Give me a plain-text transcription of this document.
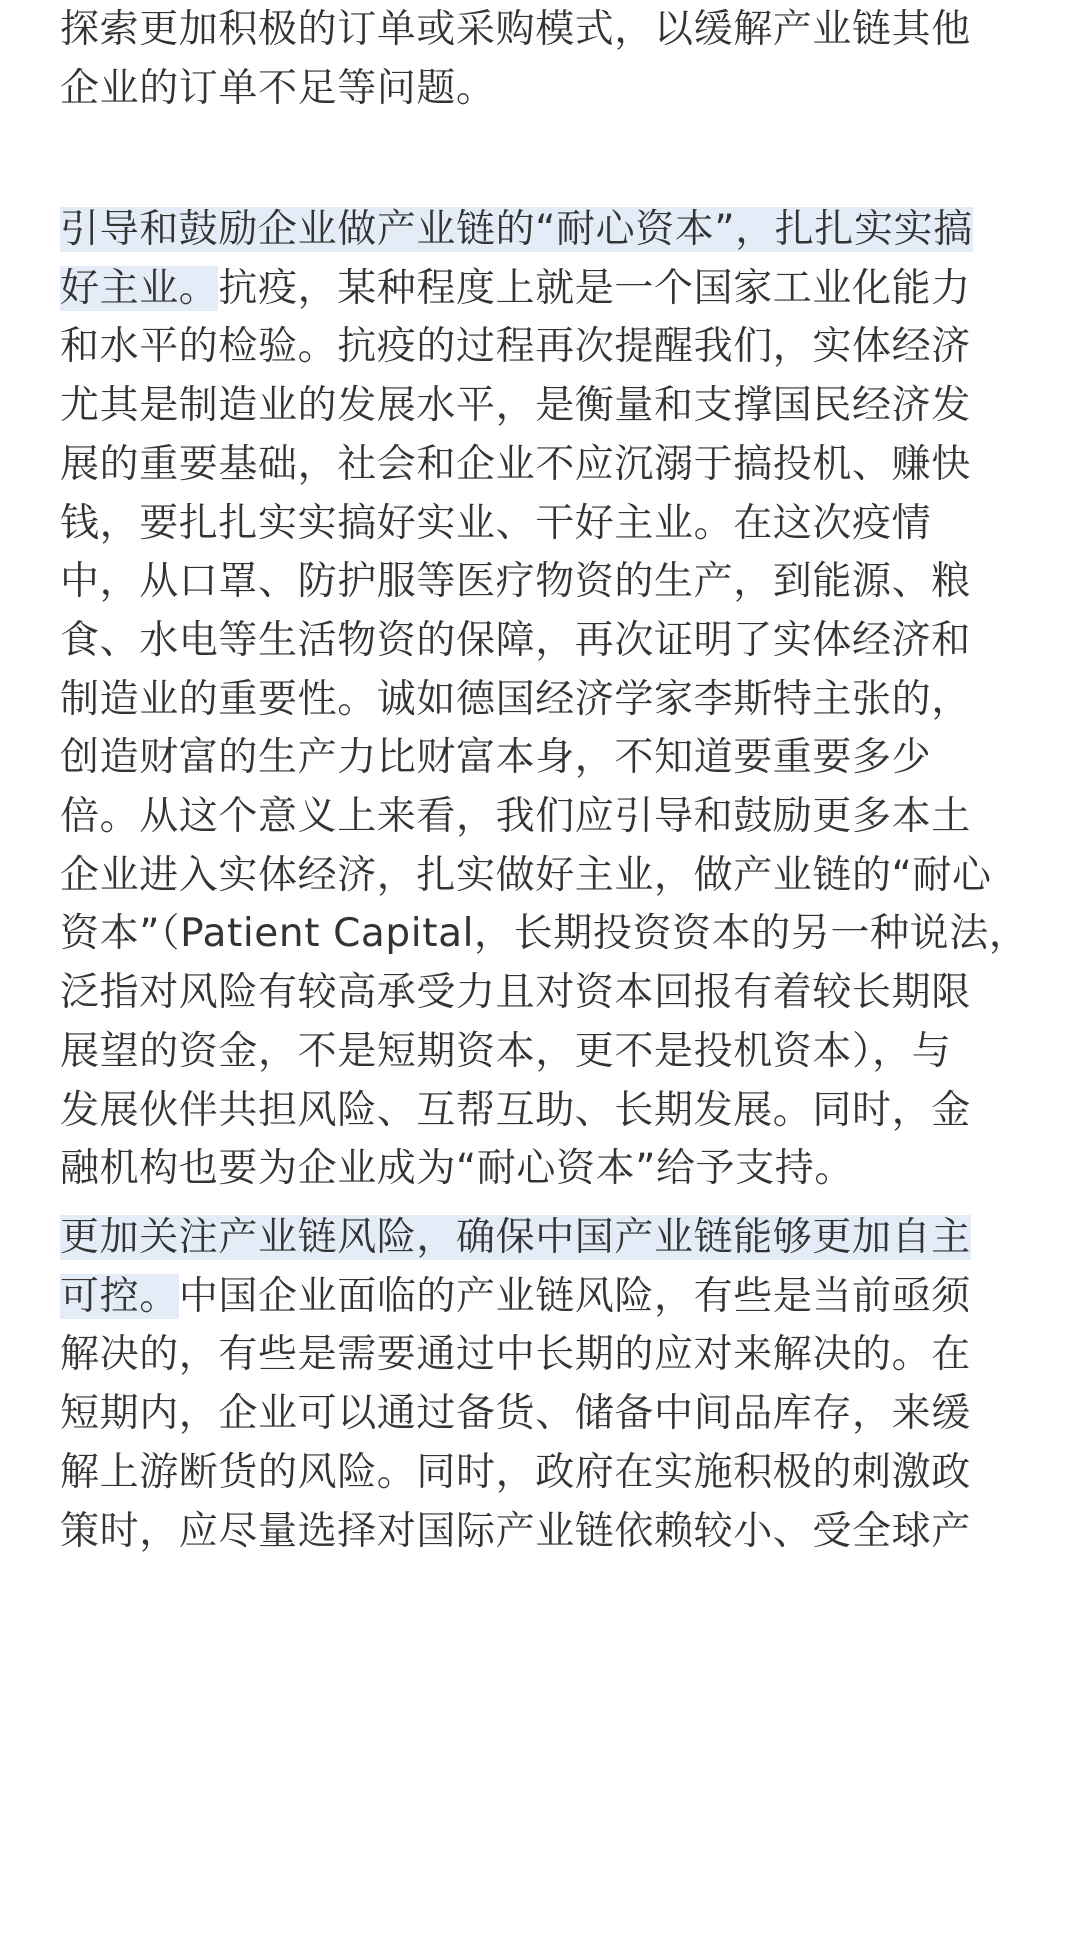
探索更加积极的订单或采购模式，以缓解产业链其他
企业的订单不足等问题。
引导和鼓励企业做产业链的“耐心资本”，扎扎实实搞
好主业。抗疫，某种程度上就是一个国家工业化能力
和水平的检验。抗疫的过程再次提醒我们，实体经济
尤其是制造业的发展水平，是衡量和支撑国民经济发
展的重要基础，社会和企业不应沉溺于搞投机、赚快
钱，要扎扎实实搞好实业、干好主业。在这次疫情
中，从口罩、防护服等医疗物资的生产，到能源、粮
食、水电等生活物资的保障，再次证明了实体经济和
制造业的重要性。诚如德国经济学家李斯特主张的，
创造财富的生产力比财富本身，不知道要重要多少
倍。从这个意义上来看，我们应引导和鼓励更多本土
企业进入实体经济，扎实做好主业，做产业链的“耐心
资本”（Patient Capital，长期投资资本的另一种说法，
泛指对风险有较高承受力且对资本回报有着较长期限
展望的资金，不是短期资本，更不是投机资本），与
发展伙伴共担风险、互帮互助、长期发展。同时，金
融机构也要为企业成为“耐心资本”给予支持。
更加关注产业链风险，确保中国产业链能够更加自主
可控。中国企业面临的产业链风险，有些是当前亟须
解决的，有些是需要通过中长期的应对来解决的。在
短期内，企业可以通过备货、储备中间品库存，来缓
解上游断货的风险。同时，政府在实施积极的刺激政
策时，应尽量选择对国际产业链依赖较小、受全球产
